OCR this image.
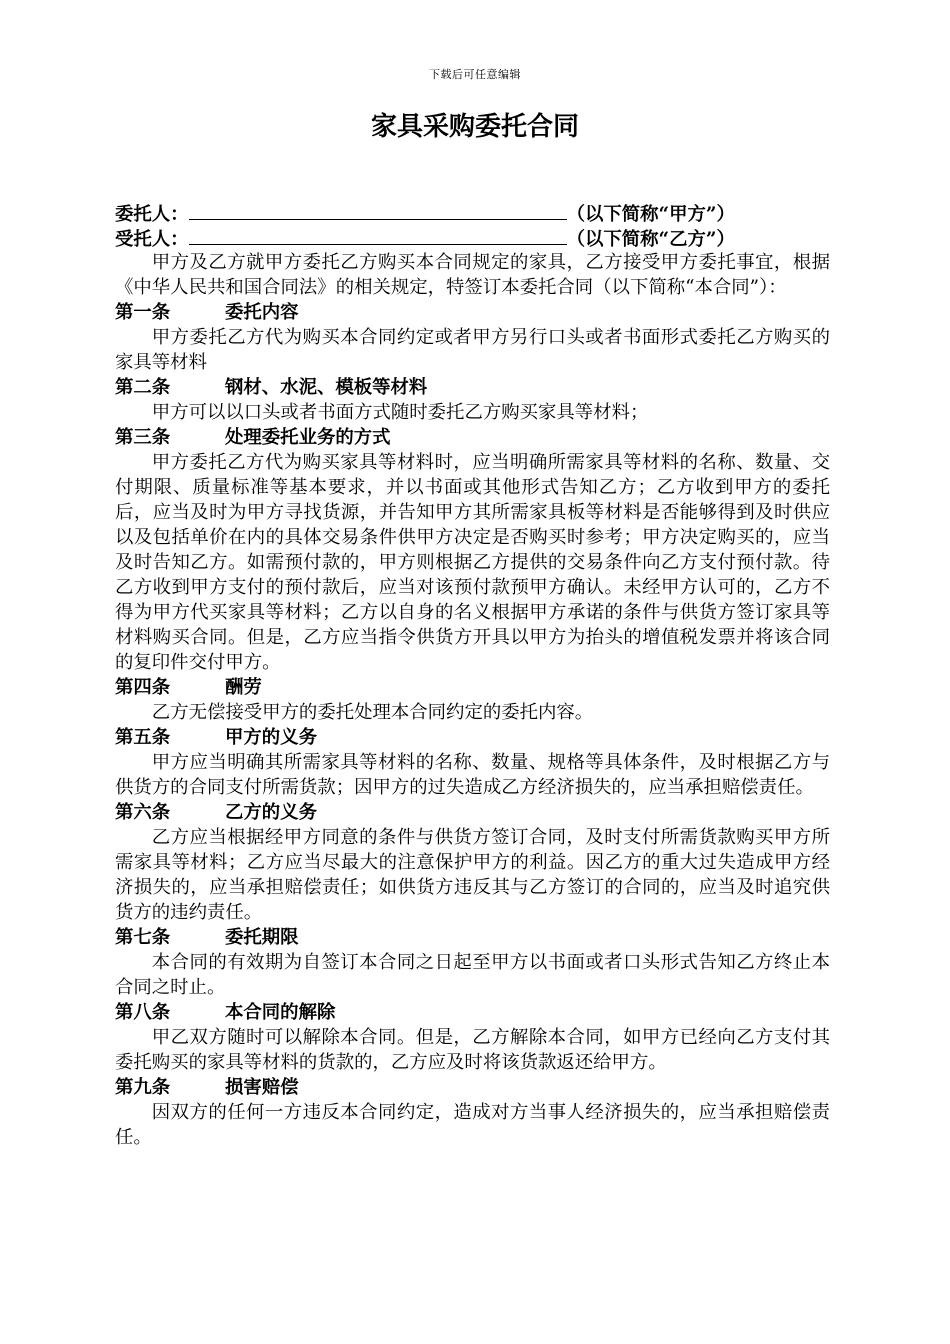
下载后可任意编辑
家具采购委托合同
委托人：	（以下简称“甲方”）
受托人：	（以下简称“乙方”）

甲方及乙方就甲方委托乙方购买本合同规定的家具，乙方接受甲方委托事宜，根据《中华人民共和国合同法》的相关规定，特签订本委托合同（以下简称“本合同”）：

第一条	委托内容

甲方委托乙方代为购买本合同约定或者甲方另行口头或者书面形式委托乙方购买的家具等材料

第二条	钢材、水泥、模板等材料

甲方可以以口头或者书面方式随时委托乙方购买家具等材料；

第三条	处理委托业务的方式

甲方委托乙方代为购买家具等材料时，应当明确所需家具等材料的名称、数量、交付期限、质量标准等基本要求，并以书面或其他形式告知乙方；乙方收到甲方的委托后，应当及时为甲方寻找货源，并告知甲方其所需家具板等材料是否能够得到及时供应以及包括单价在内的具体交易条件供甲方决定是否购买时参考；甲方决定购买的，应当及时告知乙方。如需预付款的，甲方则根据乙方提供的交易条件向乙方支付预付款。待乙方收到甲方支付的预付款后，应当对该预付款预甲方确认。未经甲方认可的，乙方不得为甲方代买家具等材料；乙方以自身的名义根据甲方承诺的条件与供货方签订家具等材料购买合同。但是，乙方应当指令供货方开具以甲方为抬头的增值税发票并将该合同的复印件交付甲方。

第四条	酬劳

乙方无偿接受甲方的委托处理本合同约定的委托内容。

第五条	甲方的义务

甲方应当明确其所需家具等材料的名称、数量、规格等具体条件，及时根据乙方与供货方的合同支付所需货款；因甲方的过失造成乙方经济损失的，应当承担赔偿责任。

第六条	乙方的义务

乙方应当根据经甲方同意的条件与供货方签订合同，及时支付所需货款购买甲方所需家具等材料；乙方应当尽最大的注意保护甲方的利益。因乙方的重大过失造成甲方经济损失的，应当承担赔偿责任；如供货方违反其与乙方签订的合同的，应当及时追究供货方的违约责任。

第七条	委托期限

本合同的有效期为自签订本合同之日起至甲方以书面或者口头形式告知乙方终止本合同之时止。

第八条	本合同的解除

甲乙双方随时可以解除本合同。但是，乙方解除本合同，如甲方已经向乙方支付其委托购买的家具等材料的货款的，乙方应及时将该货款返还给甲方。

第九条	损害赔偿

因双方的任何一方违反本合同约定，造成对方当事人经济损失的，应当承担赔偿责任。
